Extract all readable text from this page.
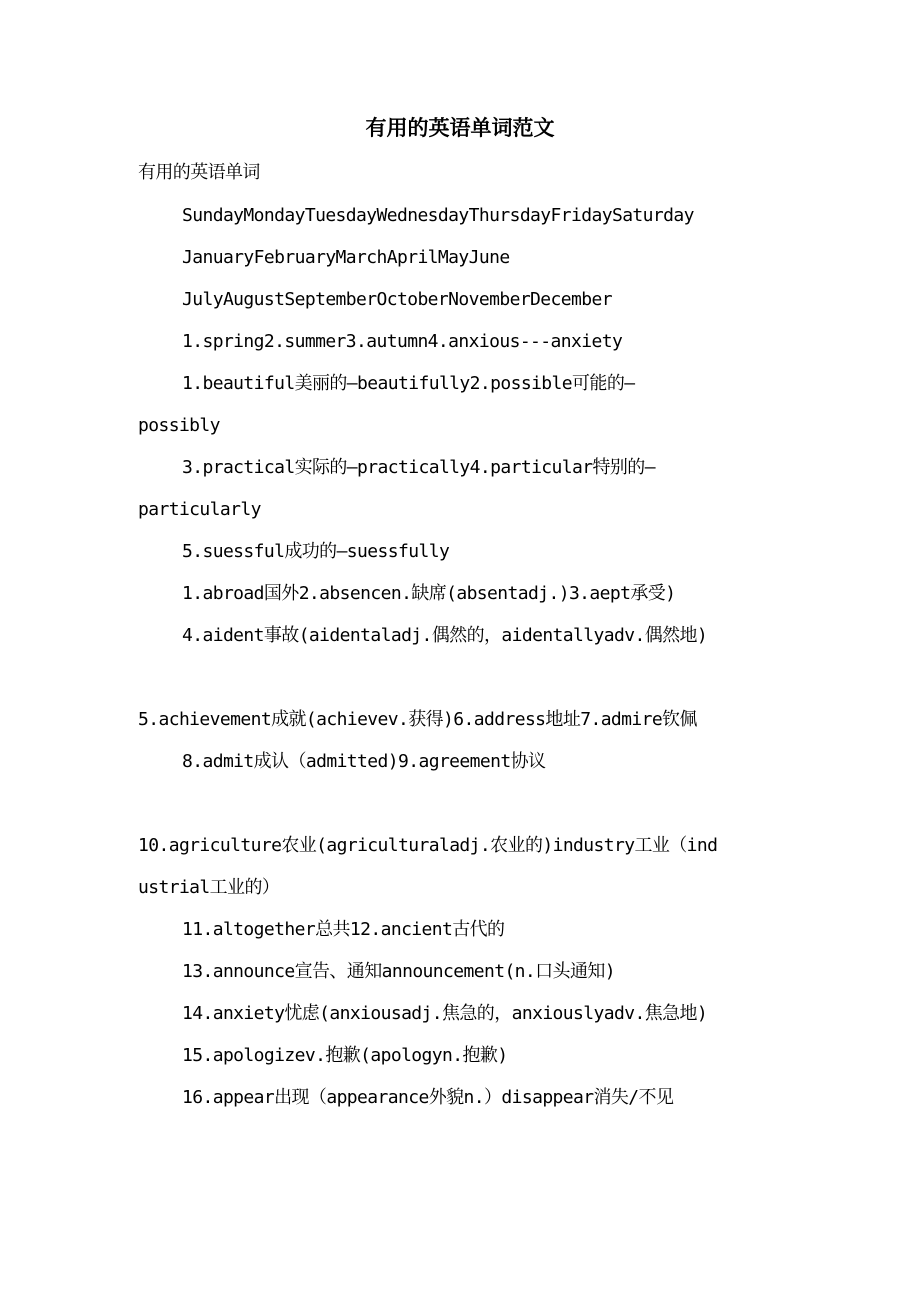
有用的英语单词范文
有用的英语单词
SundayMondayTuesdayWednesdayThursdayFridaySaturday
JanuaryFebruaryMarchAprilMayJune
JulyAugustSeptemberOctoberNovemberDecember
1.spring2.summer3.autumn4.anxious---anxiety
1.beautiful美丽的—beautifully2.possible可能的—
possibly
3.practical实际的—practically4.particular特别的—
particularly
5.suessful成功的—suessfully
1.abroad国外2.absencen.缺席(absentadj.)3.aept承受)
4.aident事故(aidentaladj.偶然的，aidentallyadv.偶然地)
5.achievement成就(achievev.获得)6.address地址7.admire钦佩
8.admit成认（admitted)9.agreement协议
10.agriculture农业(agriculturaladj.农业的)industry工业（ind
ustrial工业的）
11.altogether总共12.ancient古代的
13.announce宣告、通知announcement(n.口头通知)
14.anxiety忧虑(anxiousadj.焦急的，anxiouslyadv.焦急地)
15.apologizev.抱歉(apologyn.抱歉)
16.appear出现（appearance外貌n.）disappear消失/不见
